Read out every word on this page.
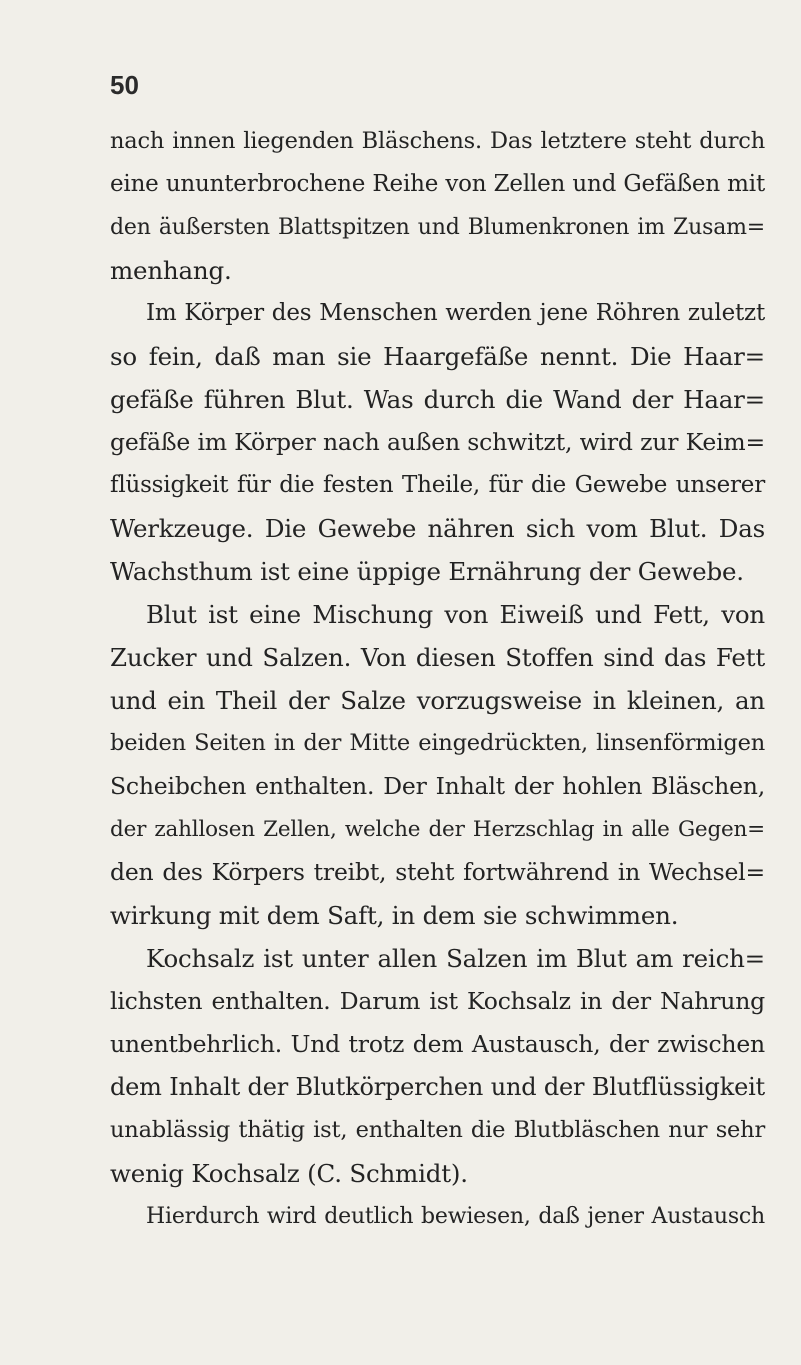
50
nach innen liegenden Bläschens. Das letztere steht durch
eine ununterbrochene Reihe von Zellen und Gefäßen mit
den äußersten Blattspitzen und Blumenkronen im Zusam=
menhang.
Im Körper des Menschen werden jene Röhren zuletzt
so fein, daß man sie Haargefäße nennt. Die Haar=
gefäße führen Blut. Was durch die Wand der Haar=
gefäße im Körper nach außen schwitzt, wird zur Keim=
flüssigkeit für die festen Theile, für die Gewebe unserer
Werkzeuge. Die Gewebe nähren sich vom Blut. Das
Wachsthum ist eine üppige Ernährung der Gewebe.
Blut ist eine Mischung von Eiweiß und Fett, von
Zucker und Salzen. Von diesen Stoffen sind das Fett
und ein Theil der Salze vorzugsweise in kleinen, an
beiden Seiten in der Mitte eingedrückten, linsenförmigen
Scheibchen enthalten. Der Inhalt der hohlen Bläschen,
der zahllosen Zellen, welche der Herzschlag in alle Gegen=
den des Körpers treibt, steht fortwährend in Wechsel=
wirkung mit dem Saft, in dem sie schwimmen.
Kochsalz ist unter allen Salzen im Blut am reich=
lichsten enthalten. Darum ist Kochsalz in der Nahrung
unentbehrlich. Und trotz dem Austausch, der zwischen
dem Inhalt der Blutkörperchen und der Blutflüssigkeit
unablässig thätig ist, enthalten die Blutbläschen nur sehr
wenig Kochsalz (C. Schmidt).
Hierdurch wird deutlich bewiesen, daß jener Austausch
